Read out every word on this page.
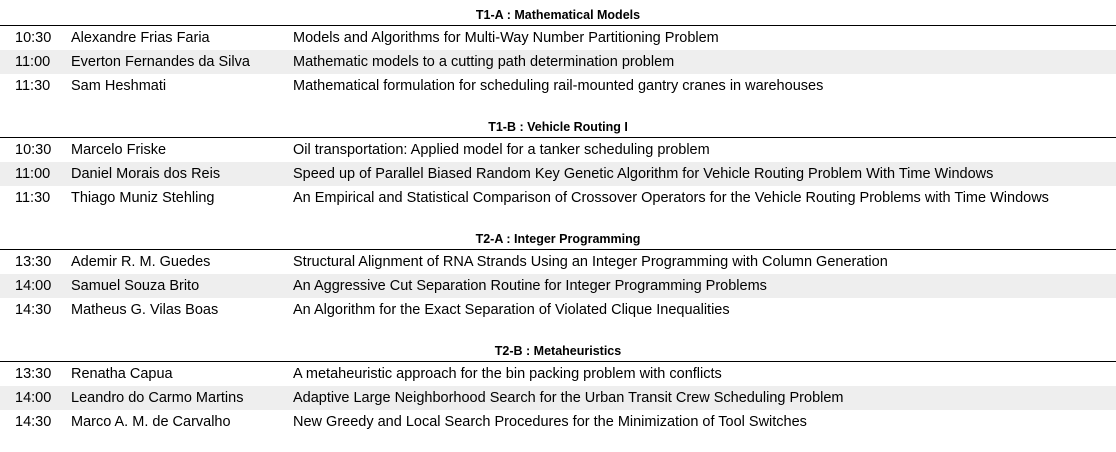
T1-A : Mathematical Models
10:30	Alexandre Frias Faria	Models and Algorithms for Multi-Way Number Partitioning Problem
11:00	Everton Fernandes da Silva	Mathematic models to a cutting path determination problem
11:30	Sam Heshmati	Mathematical formulation for scheduling rail-mounted gantry cranes in warehouses
T1-B : Vehicle Routing I
10:30	Marcelo Friske	Oil transportation: Applied model for a tanker scheduling problem
11:00	Daniel Morais dos Reis	Speed up of Parallel Biased Random Key Genetic Algorithm for Vehicle Routing Problem With Time Windows
11:30	Thiago Muniz Stehling	An Empirical and Statistical Comparison of Crossover Operators for the Vehicle Routing Problems with Time Windows
T2-A : Integer Programming
13:30	Ademir R. M. Guedes	Structural Alignment of RNA Strands Using an Integer Programming with Column Generation
14:00	Samuel Souza Brito	An Aggressive Cut Separation Routine for Integer Programming Problems
14:30	Matheus G. Vilas Boas	An Algorithm for the Exact Separation of Violated Clique Inequalities
T2-B : Metaheuristics
13:30	Renatha Capua	A metaheuristic approach for the bin packing problem with conflicts
14:00	Leandro do Carmo Martins	Adaptive Large Neighborhood Search for the Urban Transit Crew Scheduling Problem
14:30	Marco A. M. de Carvalho	New Greedy and Local Search Procedures for the Minimization of Tool Switches
